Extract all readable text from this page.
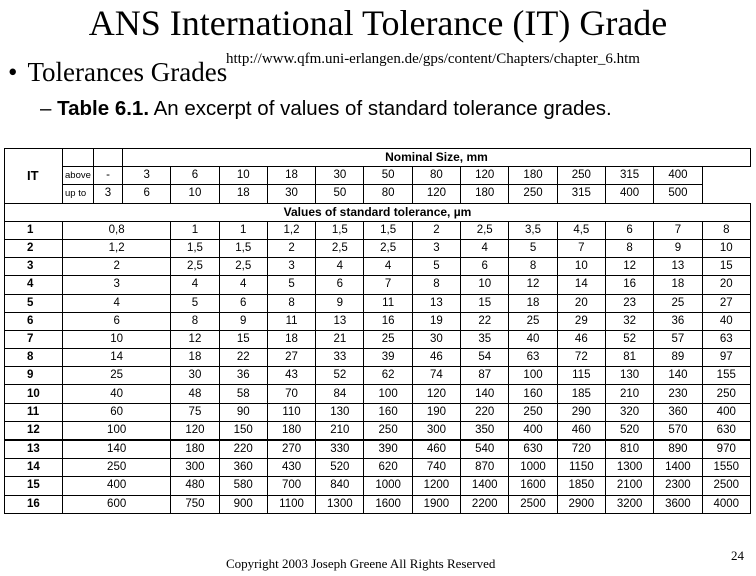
ANS International Tolerance (IT) Grade
• Tolerances Grades
http://www.qfm.uni-erlangen.de/gps/content/Chapters/chapter_6.htm
– Table 6.1. An excerpt of values of standard tolerance grades.
IT			Nominal Size, mm												
	above	-	3	6	10	18	30	50	80	120	180	250	315	400	
	up to	3	6	10	18	30	50	80	120	180	250	315	400	500	
Values of standard tolerance, µm															
1	0,8			1	1	1,2	1,5	1,5	2	2,5	3,5	4,5	6	7	8
2	1,2			1,5	1,5	2	2,5	2,5	3	4	5	7	8	9	10
3	2			2,5	2,5	3	4	4	5	6	8	10	12	13	15
4	3			4	4	5	6	7	8	10	12	14	16	18	20
5	4			5	6	8	9	11	13	15	18	20	23	25	27
6	6			8	9	11	13	16	19	22	25	29	32	36	40
7	10			12	15	18	21	25	30	35	40	46	52	57	63
8	14			18	22	27	33	39	46	54	63	72	81	89	97
9	25			30	36	43	52	62	74	87	100	115	130	140	155
10	40			48	58	70	84	100	120	140	160	185	210	230	250
11	60			75	90	110	130	160	190	220	250	290	320	360	400
12	100			120	150	180	210	250	300	350	400	460	520	570	630
13	140			180	220	270	330	390	460	540	630	720	810	890	970
14	250			300	360	430	520	620	740	870	1000	1150	1300	1400	1550
15	400			480	580	700	840	1000	1200	1400	1600	1850	2100	2300	2500
16	600			750	900	1100	1300	1600	1900	2200	2500	2900	3200	3600	4000
Copyright 2003 Joseph Greene All Rights Reserved
24
